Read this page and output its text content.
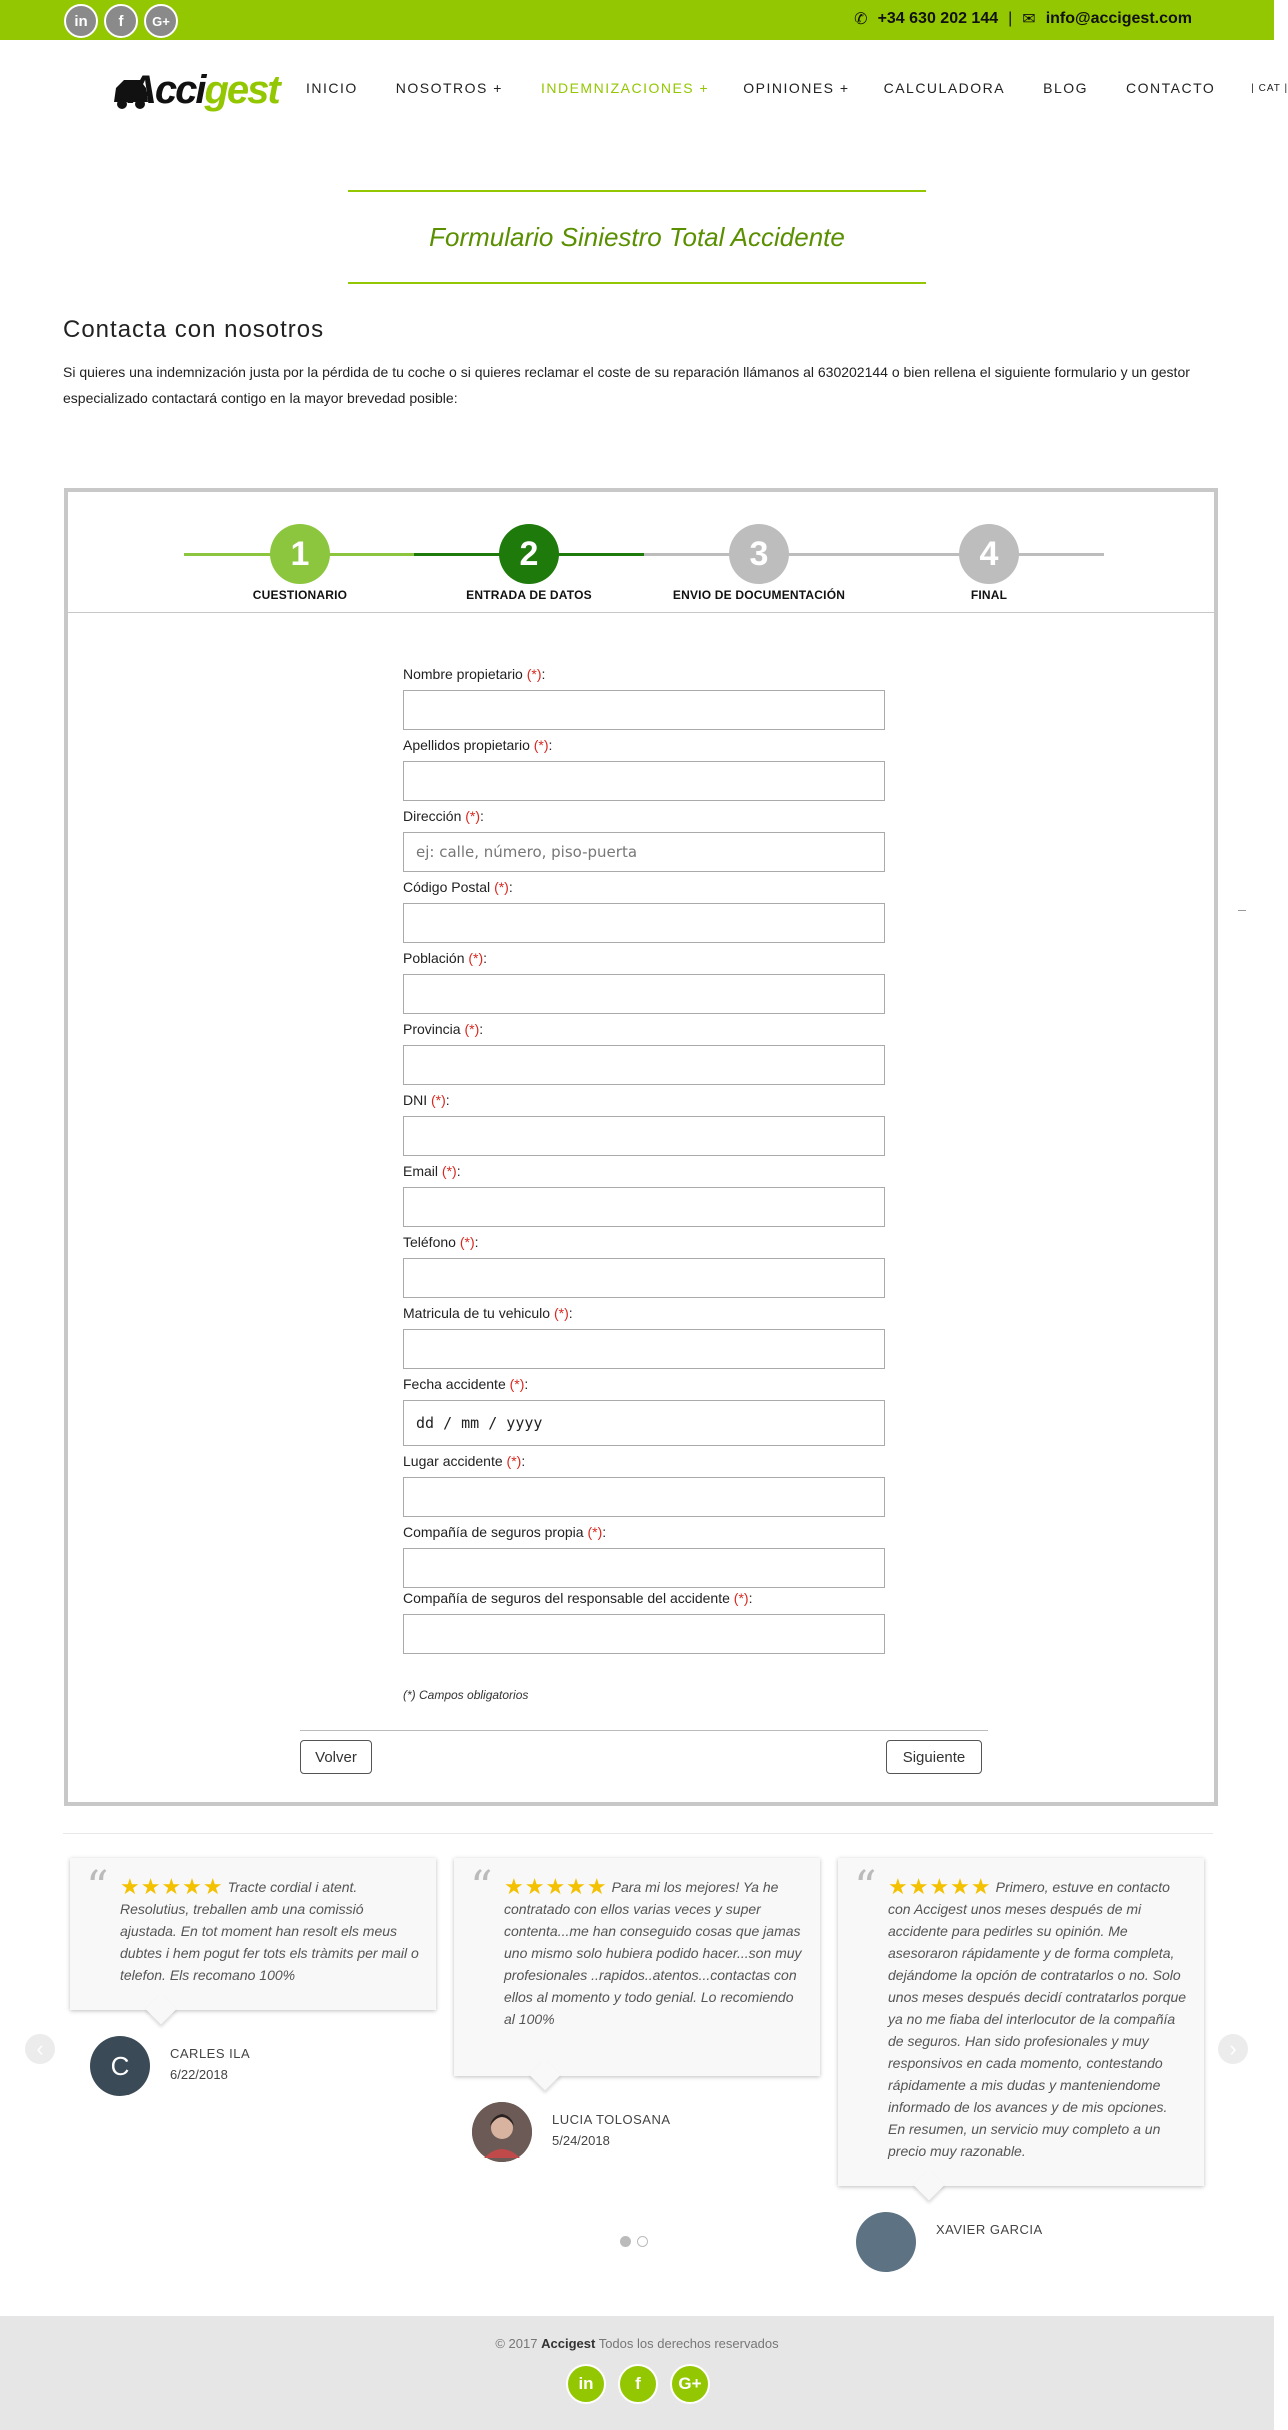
in	f	G+	✆ +34 630 202 144 | ✉ info@accigest.com
Accigest INICIO	NOSOTROS +	INDEMNIZACIONES + OPINIONES + CALCULADORA	BLOG	CONTACTO	| CAT |
Formulario Siniestro Total Accidente
Contacta con nosotros
Si quieres una indemnización justa por la pérdida de tu coche o si quieres reclamar el coste de su reparación llámanos al 630202144 o bien rellena el siguiente formulario y un gestor especializado contactará contigo en la mayor brevedad posible:
1
CUESTIONARIO
2
ENTRADA DE DATOS
3
ENVIO DE DOCUMENTACIÓN
4
FINAL
Nombre propietario (*):
Apellidos propietario (*):
Dirección (*):
ej: calle, número, piso-puerta
Código Postal (*):
Población (*):
Provincia (*):
DNI (*):
Email (*):
Teléfono (*):
Matricula de tu vehiculo (*):
Fecha accidente (*):
dd / mm / yyyy
Lugar accidente (*):
Compañía de seguros propia (*):
Compañía de seguros del responsable del accidente (*):
(*) Campos obligatorios
Volver	Siguiente
‹	›
“ ★★★★★ Tracte cordial i atent. Resolutius, treballen amb una comissió ajustada. En tot moment han resolt els meus dubtes i hem pogut fer tots els tràmits per mail o telefon. Els recomano 100%
C	CARLES ILA
6/22/2018
“ ★★★★★ Para mi los mejores! Ya he contratado con ellos varias veces y super contenta...me han conseguido cosas que jamas uno mismo solo hubiera podido hacer...son muy profesionales ..rapidos..atentos...contactas con ellos al momento y todo genial. Lo recomiendo al 100%
LUCIA TOLOSANA
5/24/2018
“ ★★★★★ Primero, estuve en contacto con Accigest unos meses después de mi accidente para pedirles su opinión. Me asesoraron rápidamente y de forma completa, dejándome la opción de contratarlos o no. Solo unos meses después decidí contratarlos porque ya no me fiaba del interlocutor de la compañía de seguros. Han sido profesionales y muy responsivos en cada momento, contestando rápidamente a mis dudas y manteniendome informado de los avances y de mis opciones. En resumen, un servicio muy completo a un precio muy razonable.
XAVIER GARCIA
© 2017 Accigest Todos los derechos reservados
in	f	G+
